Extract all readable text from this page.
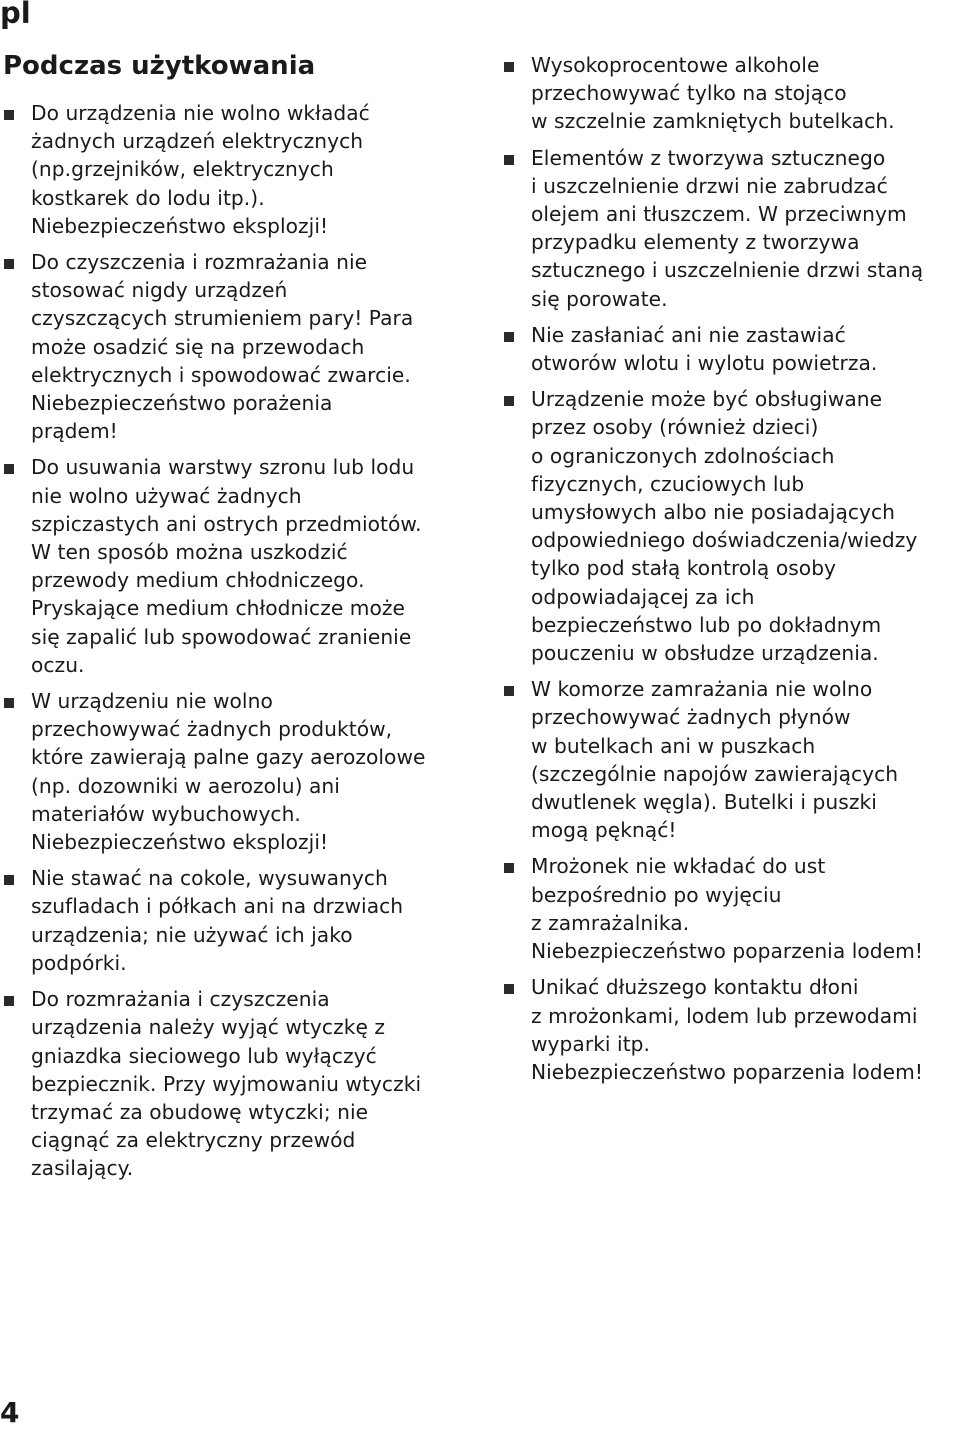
pl
Podczas użytkowania
Do urządzenia nie wolno wkładać
żadnych urządzeń elektrycznych
(np.grzejników, elektrycznych
kostkarek do lodu itp.).
Niebezpieczeństwo eksplozji!
Do czyszczenia i rozmrażania nie
stosować nigdy urządzeń
czyszczących strumieniem pary! Para
może osadzić się na przewodach
elektrycznych i spowodować zwarcie.
Niebezpieczeństwo porażenia
prądem!
Do usuwania warstwy szronu lub lodu
nie wolno używać żadnych
szpiczastych ani ostrych przedmiotów.
W ten sposób można uszkodzić
przewody medium chłodniczego.
Pryskające medium chłodnicze może
się zapalić lub spowodować zranienie
oczu.
W urządzeniu nie wolno
przechowywać żadnych produktów,
które zawierają palne gazy aerozolowe
(np. dozowniki w aerozolu) ani
materiałów wybuchowych.
Niebezpieczeństwo eksplozji!
Nie stawać na cokole, wysuwanych
szufladach i półkach ani na drzwiach
urządzenia; nie używać ich jako
podpórki.
Do rozmrażania i czyszczenia
urządzenia należy wyjąć wtyczkę z
gniazdka sieciowego lub wyłączyć
bezpiecznik. Przy wyjmowaniu wtyczki
trzymać za obudowę wtyczki; nie
ciągnąć za elektryczny przewód
zasilający.
Wysokoprocentowe alkohole
przechowywać tylko na stojąco
w szczelnie zamkniętych butelkach.
Elementów z tworzywa sztucznego
i uszczelnienie drzwi nie zabrudzać
olejem ani tłuszczem. W przeciwnym
przypadku elementy z tworzywa
sztucznego i uszczelnienie drzwi staną
się porowate.
Nie zasłaniać ani nie zastawiać
otworów wlotu i wylotu powietrza.
Urządzenie może być obsługiwane
przez osoby (również dzieci)
o ograniczonych zdolnościach
fizycznych, czuciowych lub
umysłowych albo nie posiadających
odpowiedniego doświadczenia/wiedzy
tylko pod stałą kontrolą osoby
odpowiadającej za ich
bezpieczeństwo lub po dokładnym
pouczeniu w obsłudze urządzenia.
W komorze zamrażania nie wolno
przechowywać żadnych płynów
w butelkach ani w puszkach
(szczególnie napojów zawierających
dwutlenek węgla). Butelki i puszki
mogą pęknąć!
Mrożonek nie wkładać do ust
bezpośrednio po wyjęciu
z zamrażalnika.
Niebezpieczeństwo poparzenia lodem!
Unikać dłuższego kontaktu dłoni
z mrożonkami, lodem lub przewodami
wyparki itp.
Niebezpieczeństwo poparzenia lodem!
4
